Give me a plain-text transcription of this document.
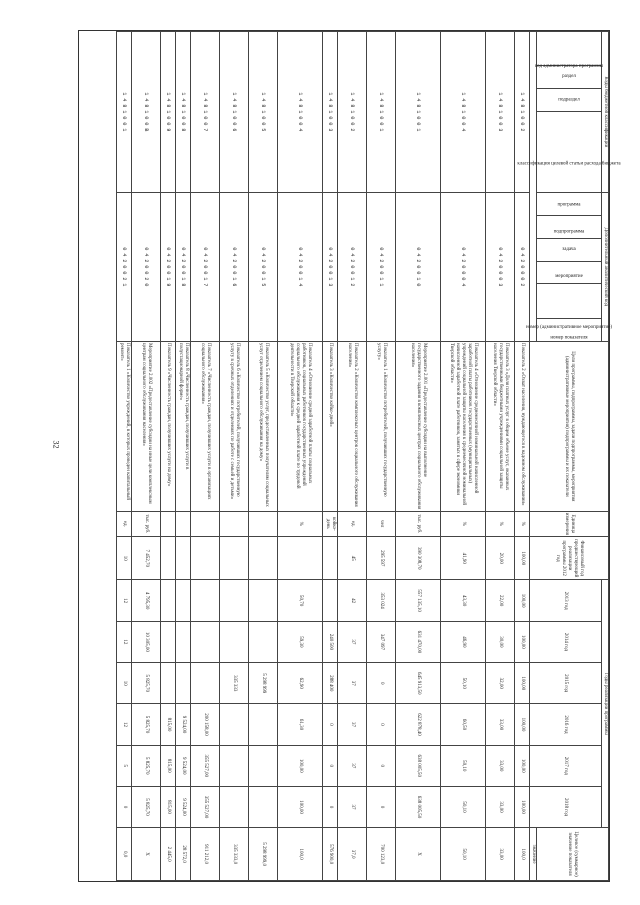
32
Коды бюджетной классификации				Дополнительный аналитический код						Цели программы, подпрограммы, задачи подпрограммы, мероприятия (административные мероприятия) подпрограммы и их показатели	Единица измерения	Финансовый год предшествующий реализации программы 2012 год	Годы реализации программы						Целевое (суммарное) значение показателя
код администратора программы	раздел	подраздел	классификация целевой статьи расхода бюджета	программа	подпрограмма	задача	мероприятие	номер (административное мероприятие)	номер показателя				2013 год	2014 год	2015 год	2016 год	2017 год	2018 год	
																			значение
1 4 8 1 0 0 2				0 4 2 0 0 0 2						Показатель 2 «Охват населения, нуждающегося в надомном обслуживании»	%	100,00	100,00	100,00	100,00	100,00	100,00	100,00	100,0
1 4 8 1 0 0 3				0 4 2 0 0 0 3						Показатель 3 «Доля платных услуг в общем объеме услуг, оказанных государственными бюджетными учреждениями социальной защиты населения Тверской области»	%	20,00	22,00	30,00	32,00	33,00	33,00	33,00	33,00
1 4 8 1 0 0 4				0 4 2 0 0 0 4						Показатель 4 «Отношение среднемесячной номинальной начисленной заработной платы работников государственных (муниципальных) учреждений социальной защиты населения к среднемесячной номинальной начисленной заработной плате работников, занятых в сфере экономики Тверской области»	%	41,90	43,30	46,90	50,10	60,50	50,10	50,10	50,10
1 4 8 1 0 0 1				0 4 2 0 0 1 0						Мероприятие 2.001 «Предоставление субсидии на выполнение государственного задания в комплексных центрах социального обслуживания населения»	тыс. руб.	390 308,70	557 135,10	631 470,00	645 913,50	622 878,40	638 005,50	638 005,50	Х
1 4 8 1 0 0 1				0 4 2 0 0 1 1						Показатель 1 «Количество потребителей, получивших государственную услугу»	чел	295 597	353 024	347 097	0	0	0	0	700 123,0
1 4 8 1 0 0 2				0 4 2 0 0 1 2						Показатель 2 «Количество комплексных центров социального обслуживания населения»	ед.	45	42	37	37	37	37	37	37,0
1 4 8 1 0 0 3				0 4 2 0 0 1 3						Показатель 3 «Количество койко-дней»	койко-день			240 500	288 400	0	0	0	576 900,0
1 4 8 1 0 0 4				0 4 2 0 0 1 4						Показатель 4 «Отношение средней заработной платы социальных работников, социальных работников государственных учреждений социального обслуживания к средней заработной плате по трудовой деятельности в Тверской области»	%		50,70	59,30	62,90	61,30	100,00	100,00	100,0
1 4 8 1 0 0 5				0 4 2 0 0 1 5						Показатель 5 «Количество услуг, предоставленных получателям социальных услуг отделением социального обслуживания на дому»					5 298 999				5 298 999,0
1 4 8 1 0 0 6				0 4 2 0 0 1 6						Показатель 6 «Количество потребителей, получивших государственную услугу в срочных отделениях и отделениях по работе с семьей и детьми»					335 333				335 333,0
1 4 8 1 0 0 7				0 4 2 0 0 1 7						Показатель 7 «Численность граждан, получивших услуги в организациях социального обслуживания»						200 158,00	355 527,00	355 527,00	911 212,0
1 4 8 1 0 0 8				0 4 2 0 0 1 8						Показатель 8 «Численность граждан, получивших услуги в полустационарной форме»						9 524,00	9 524,00	9 524,00	28 572,0
1 4 8 1 0 0 9				0 4 2 0 0 1 9						Показатель 9 «Численность граждан, получивших услуги на дому»						815,00	815,00	815,00	2 445,0
1 4 8 1 0 0 B				0 4 2 0 0 2 0						Мероприятие 2.002 «Предоставление субсидии на иные цели комплексным центрам социального обслуживания населения»	тыс. руб.	7 452,70	4 795,30	10 305,00	5 825,70	5 825,70	5 825,70	5 825,70	Х
1 4 8 1 0 0 1				0 4 2 0 0 2 1						Показатель 1 «Количество учреждений, в которых проведен капитальный ремонт»	ед.	10	12	12	10	12	5	0	0,0
